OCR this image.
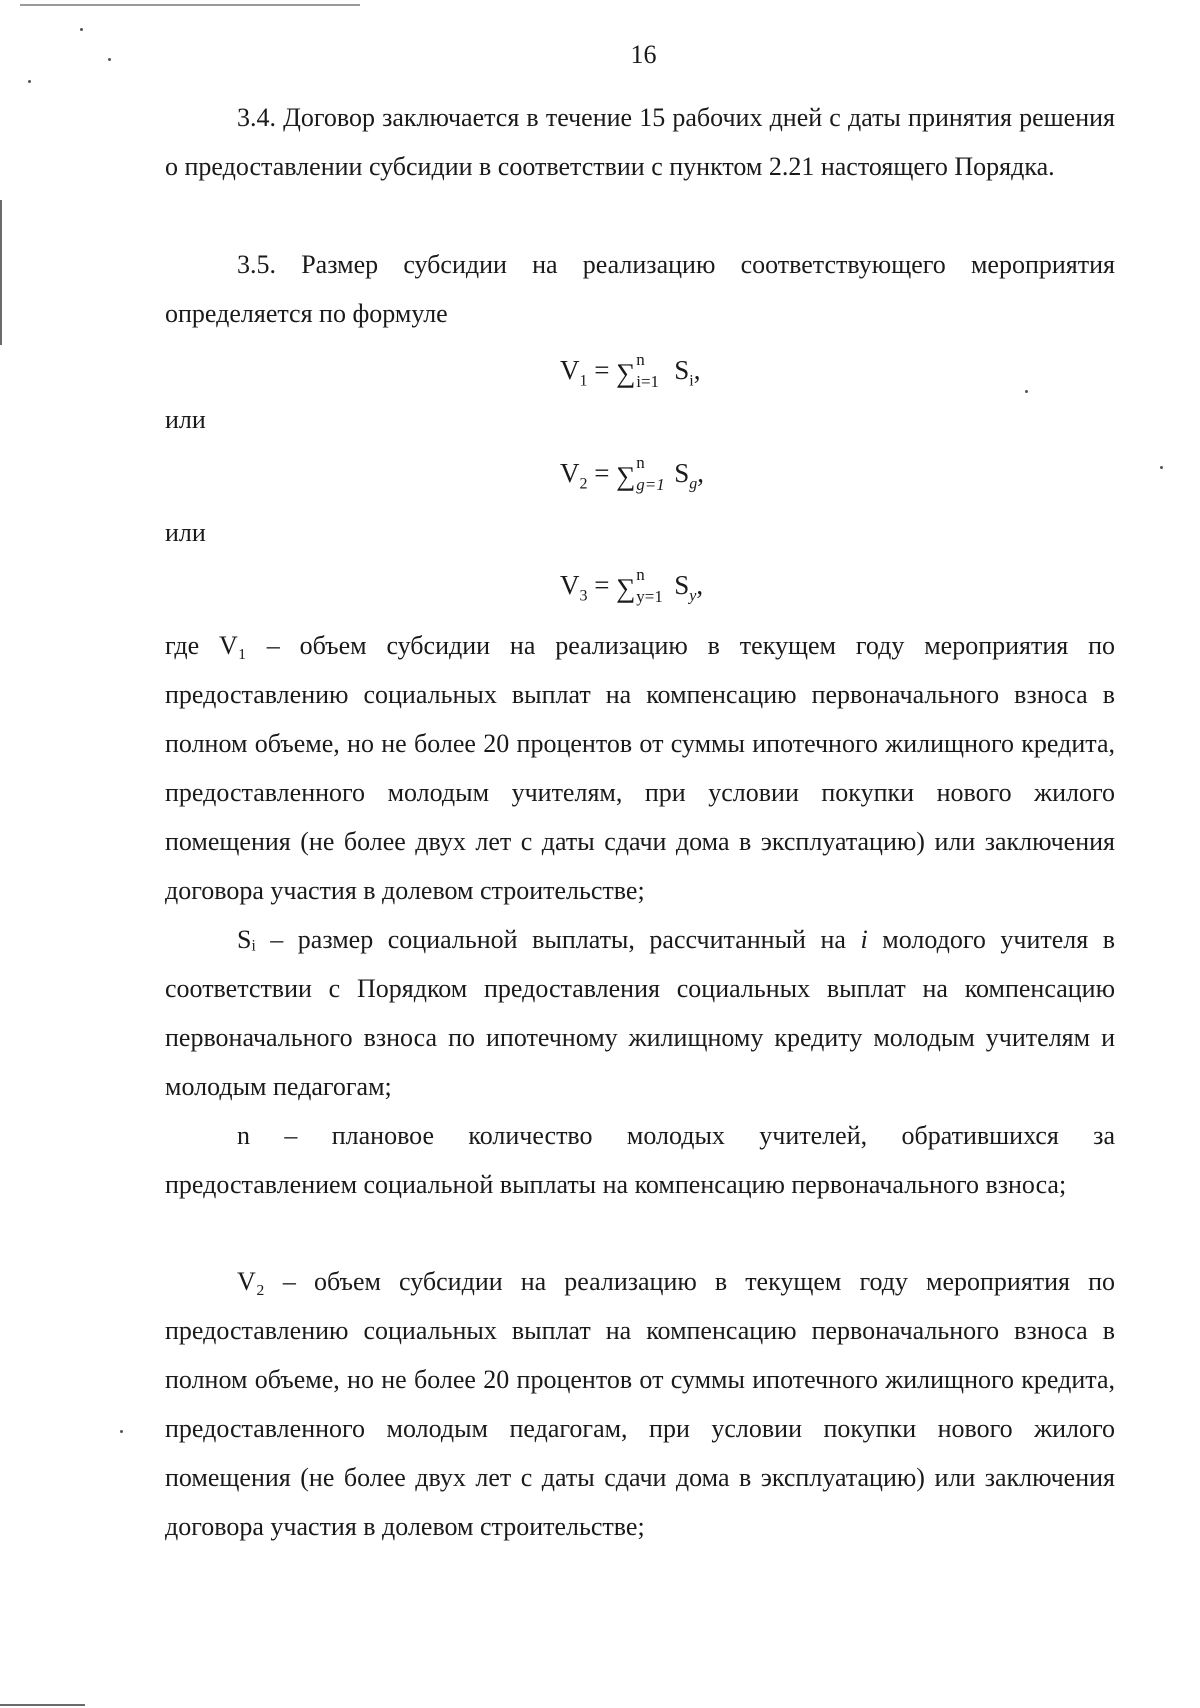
16
3.4. Договор заключается в течение 15 рабочих дней с даты принятия решения о предоставлении субсидии в соответствии с пунктом 2.21 настоящего Порядка.
3.5. Размер субсидии на реализацию соответствующего мероприятия определяется по формуле
$V_1$ = ∑ n
i=1 $S_i$,
или
$V_2$ = ∑ n
g=1 $S_g$,
или
$V_3$ = ∑ n
y=1 $S_y$,
где V₁ – объем субсидии на реализацию в текущем году мероприятия по предоставлению социальных выплат на компенсацию первоначального взноса в полном объеме, но не более 20 процентов от суммы ипотечного жилищного кредита, предоставленного молодым учителям, при условии покупки нового жилого помещения (не более двух лет с даты сдачи дома в эксплуатацию) или заключения договора участия в долевом строительстве;
Sᵢ – размер социальной выплаты, рассчитанный на i молодого учителя в соответствии с Порядком предоставления социальных выплат на компенсацию первоначального взноса по ипотечному жилищному кредиту молодым учителям и молодым педагогам;
n – плановое количество молодых учителей, обратившихся за предоставлением социальной выплаты на компенсацию первоначального взноса;
V₂ – объем субсидии на реализацию в текущем году мероприятия по предоставлению социальных выплат на компенсацию первоначального взноса в полном объеме, но не более 20 процентов от суммы ипотечного жилищного кредита, предоставленного молодым педагогам, при условии покупки нового жилого помещения (не более двух лет с даты сдачи дома в эксплуатацию) или заключения договора участия в долевом строительстве;
